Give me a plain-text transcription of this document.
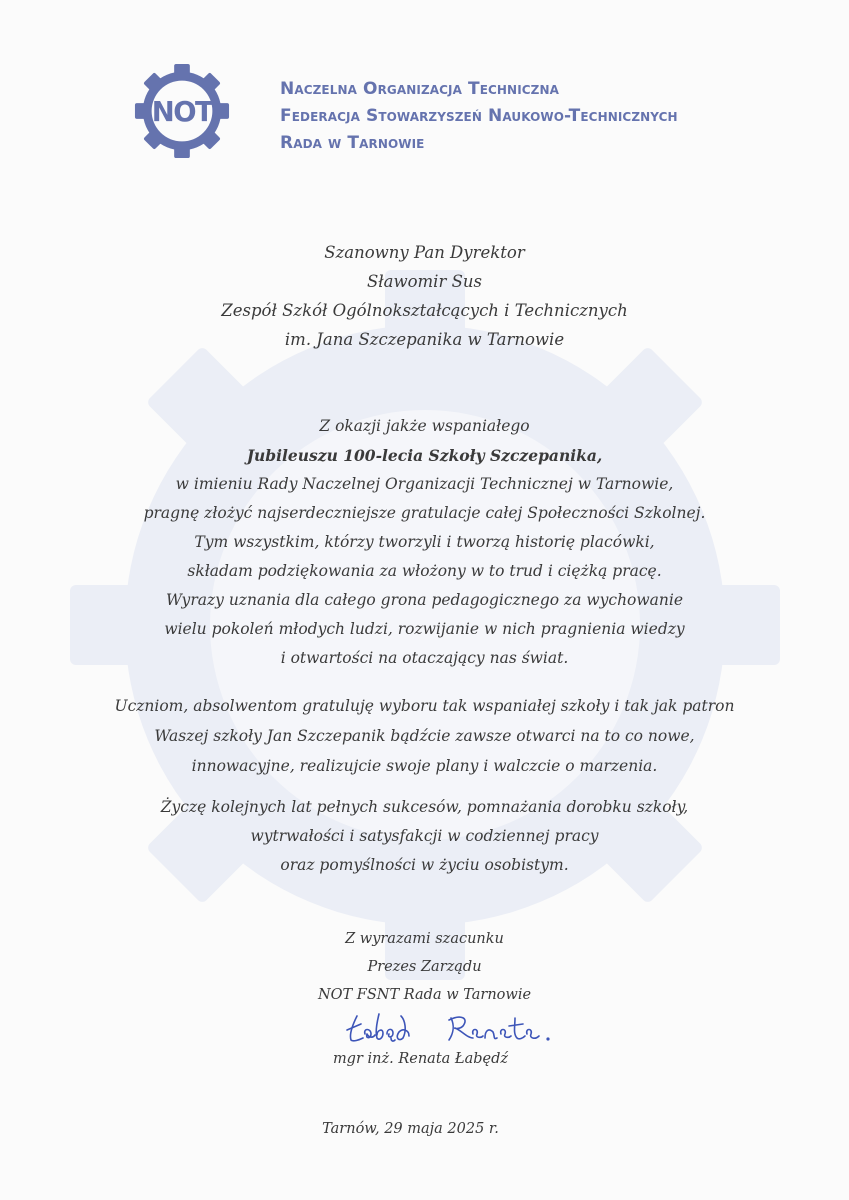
NOT
Naczelna Organizacja Techniczna
Federacja Stowarzyszeń Naukowo-Technicznych
Rada w Tarnowie
Szanowny Pan Dyrektor
Sławomir Sus
Zespół Szkół Ogólnokształcących i Technicznych
im. Jana Szczepanika w Tarnowie
Z okazji jakże wspaniałego
Jubileuszu 100-lecia Szkoły Szczepanika,
w imieniu Rady Naczelnej Organizacji Technicznej w Tarnowie,
pragnę złożyć najserdeczniejsze gratulacje całej Społeczności Szkolnej.
Tym wszystkim, którzy tworzyli i tworzą historię placówki,
składam podziękowania za włożony w to trud i ciężką pracę.
Wyrazy uznania dla całego grona pedagogicznego za wychowanie
wielu pokoleń młodych ludzi, rozwijanie w nich pragnienia wiedzy
i otwartości na otaczający nas świat.
Uczniom, absolwentom gratuluję wyboru tak wspaniałej szkoły i tak jak patron
Waszej szkoły Jan Szczepanik bądźcie zawsze otwarci na to co nowe,
innowacyjne, realizujcie swoje plany i walczcie o marzenia.
Życzę kolejnych lat pełnych sukcesów, pomnażania dorobku szkoły,
wytrwałości i satysfakcji w codziennej pracy
oraz pomyślności w życiu osobistym.
Z wyrazami szacunku
Prezes Zarządu
NOT FSNT Rada w Tarnowie
mgr inż. Renata Łabędź
Tarnów, 29 maja 2025 r.
